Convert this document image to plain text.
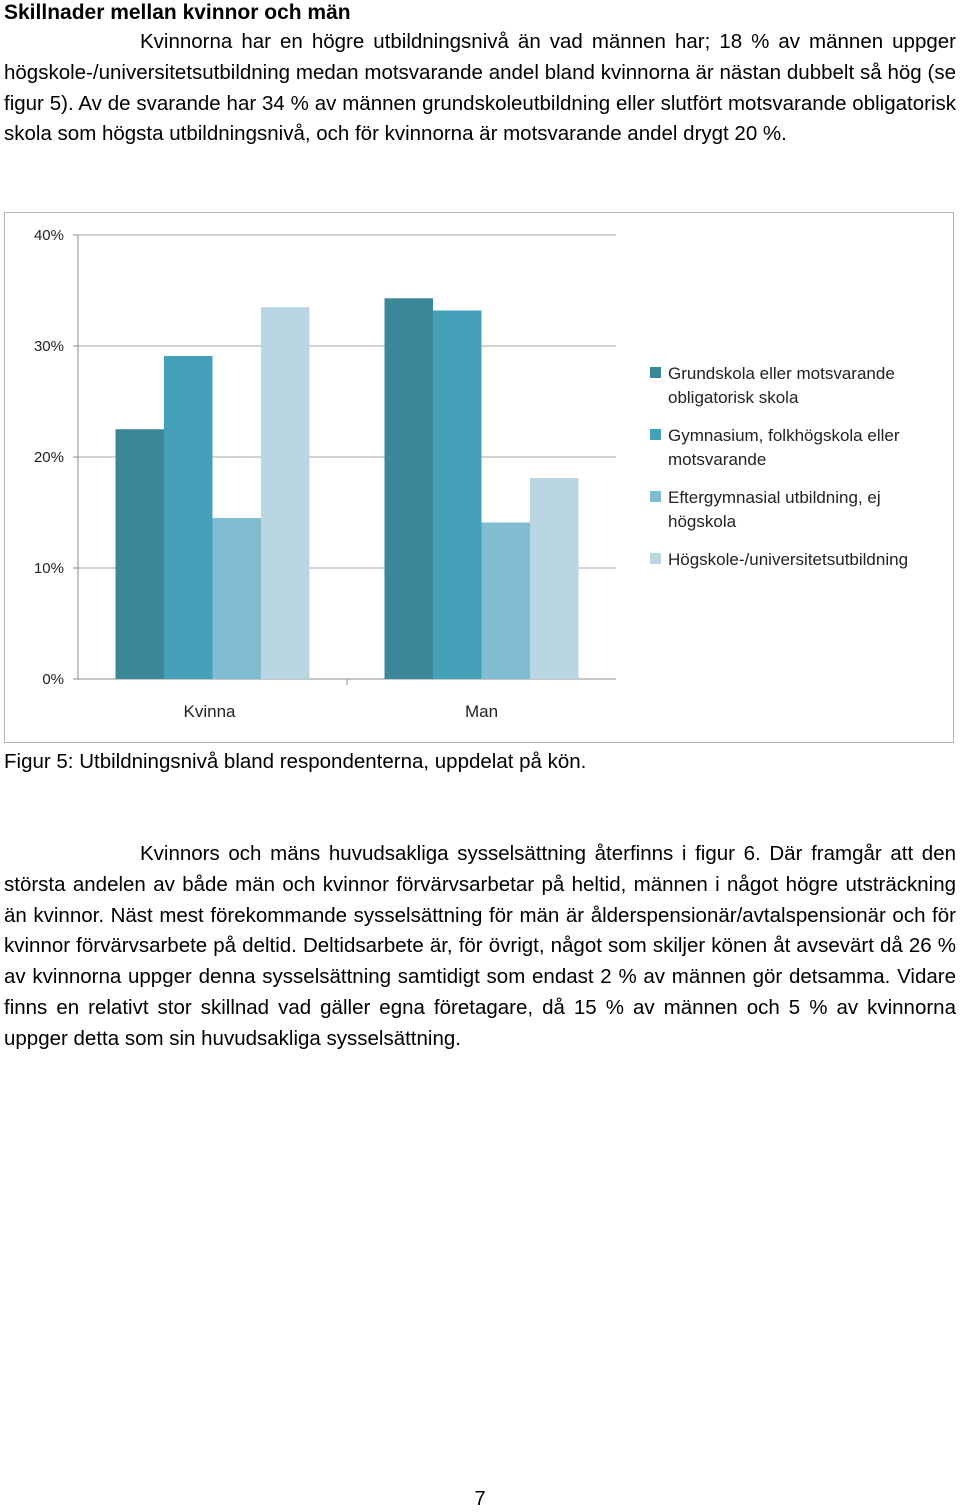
Skillnader mellan kvinnor och män

Kvinnorna har en högre utbildningsnivå än vad männen har; 18 % av männen uppger högskole-/universitetsutbildning medan motsvarande andel bland kvinnorna är nästan dubbelt så hög (se figur 5). Av de svarande har 34 % av männen grundskoleutbildning eller slutfört motsvarande obligatorisk skola som högsta utbildningsnivå, och för kvinnorna är motsvarande andel drygt 20 %.

0%
10%
20%
30%
40%
Kvinna	Man
Grundskola eller motsvarande
obligatorisk skola
Gymnasium, folkhögskola eller
motsvarande
Eftergymnasial utbildning, ej
högskola
Högskole-/universitetsutbildning
Figur 5: Utbildningsnivå bland respondenterna, uppdelat på kön.

Kvinnors och mäns huvudsakliga sysselsättning återfinns i figur 6. Där framgår att den största andelen av både män och kvinnor förvärvsarbetar på heltid, männen i något högre utsträckning än kvinnor. Näst mest förekommande sysselsättning för män är ålderspensionär/avtalspensionär och för kvinnor förvärvsarbete på deltid. Deltidsarbete är, för övrigt, något som skiljer könen åt avsevärt då 26 % av kvinnorna uppger denna sysselsättning samtidigt som endast 2 % av männen gör detsamma. Vidare finns en relativt stor skillnad vad gäller egna företagare, då 15 % av männen och 5 % av kvinnorna uppger detta som sin huvudsakliga sysselsättning.

7
